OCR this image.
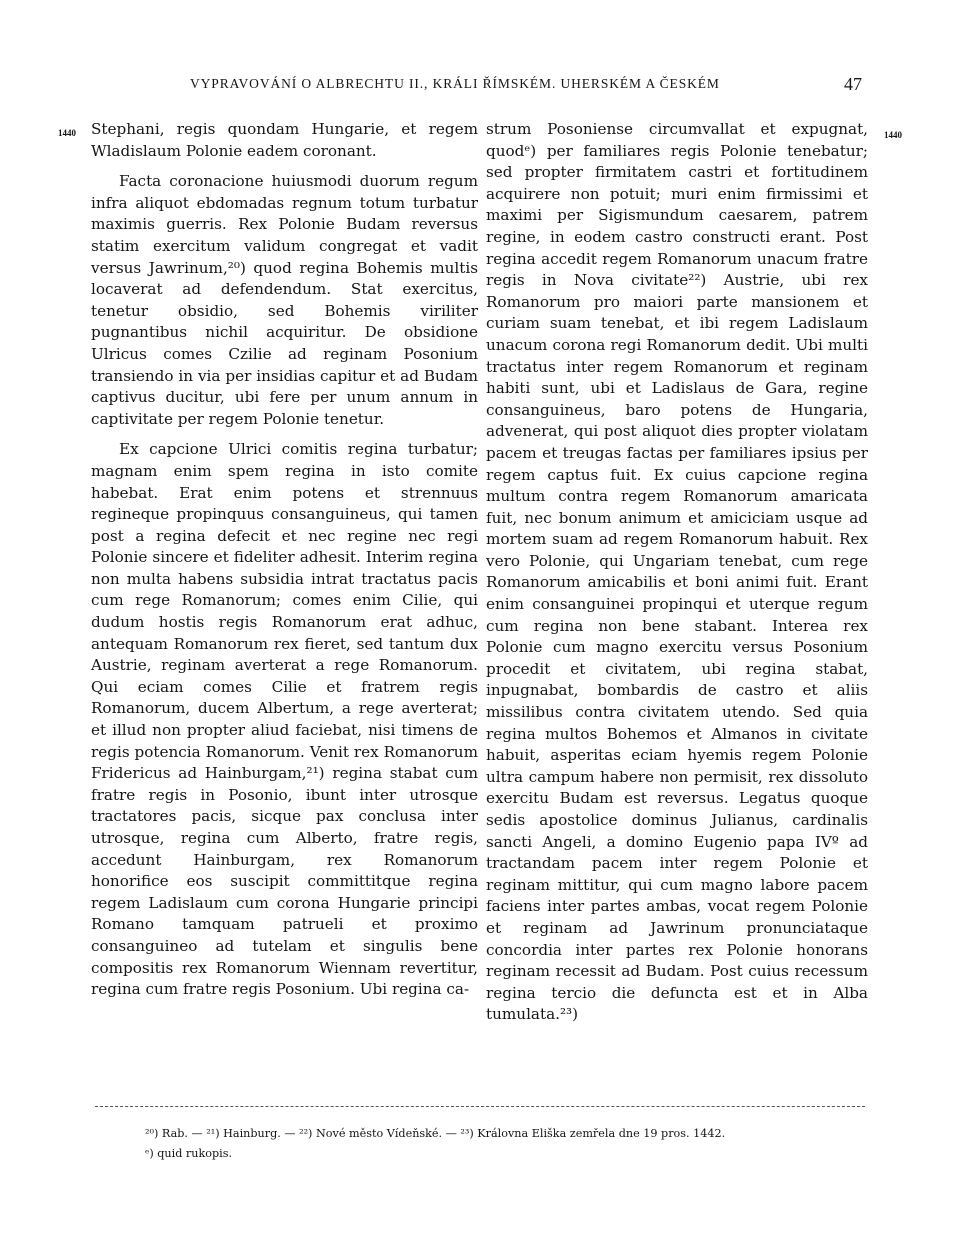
VYPRAVOVÁNÍ O ALBRECHTU II., KRÁLI ŘÍMSKÉM. UHERSKÉM A ČESKÉM	47
1440	1440

Stephani, regis quondam Hungarie, et regem Wladislaum Polonie eadem coronant.

Facta coronacione huiusmodi duorum regum infra aliquot ebdomadas regnum totum turbatur maximis guerris. Rex Polonie Budam reversus statim exercitum validum congregat et vadit versus Jawrinum,²⁰) quod regina Bohemis multis locaverat ad defendendum. Stat exercitus, tenetur obsidio, sed Bohemis viriliter pugnantibus nichil acquiritur. De obsidione Ulricus comes Czilie ad reginam Posonium transiendo in via per insidias capitur et ad Budam captivus ducitur, ubi fere per unum annum in captivitate per regem Polonie tenetur.

Ex capcione Ulrici comitis regina turbatur; magnam enim spem regina in isto comite habebat. Erat enim potens et strennuus regineque propinquus consanguineus, qui tamen post a regina defecit et nec regine nec regi Polonie sincere et fideliter adhesit. Interim regina non multa habens subsidia intrat tractatus pacis cum rege Romanorum; comes enim Cilie, qui dudum hostis regis Romanorum erat adhuc, antequam Romanorum rex fieret, sed tantum dux Austrie, reginam averterat a rege Romanorum. Qui eciam comes Cilie et fratrem regis Romanorum, ducem Albertum, a rege averterat; et illud non propter aliud faciebat, nisi timens de regis potencia Romanorum. Venit rex Romanorum Fridericus ad Hainburgam,²¹) regina stabat cum fratre regis in Posonio, ibunt inter utrosque tractatores pacis, sicque pax conclusa inter utrosque, regina cum Alberto, fratre regis, accedunt Hainburgam, rex Romanorum honorifice eos suscipit committitque regina regem Ladislaum cum corona Hungarie principi Romano tamquam patrueli et proximo consanguineo ad tutelam et singulis bene compositis rex Romanorum Wiennam revertitur, regina cum fratre regis Posonium. Ubi regina ca-

strum Posoniense circumvallat et expugnat, quodᵉ) per familiares regis Polonie tenebatur; sed propter firmitatem castri et fortitudinem acquirere non potuit; muri enim firmissimi et maximi per Sigismundum caesarem, patrem regine, in eodem castro constructi erant. Post regina accedit regem Romanorum unacum fratre regis in Nova civitate²²) Austrie, ubi rex Romanorum pro maiori parte mansionem et curiam suam tenebat, et ibi regem Ladislaum unacum corona regi Romanorum dedit. Ubi multi tractatus inter regem Romanorum et reginam habiti sunt, ubi et Ladislaus de Gara, regine consanguineus, baro potens de Hungaria, advenerat, qui post aliquot dies propter violatam pacem et treugas factas per familiares ipsius per regem captus fuit. Ex cuius capcione regina multum contra regem Romanorum amaricata fuit, nec bonum animum et amiciciam usque ad mortem suam ad regem Romanorum habuit. Rex vero Polonie, qui Ungariam tenebat, cum rege Romanorum amicabilis et boni animi fuit. Erant enim consanguinei propinqui et uterque regum cum regina non bene stabant. Interea rex Polonie cum magno exercitu versus Posonium procedit et civitatem, ubi regina stabat, inpugnabat, bombardis de castro et aliis missilibus contra civitatem utendo. Sed quia regina multos Bohemos et Almanos in civitate habuit, asperitas eciam hyemis regem Polonie ultra campum habere non permisit, rex dissoluto exercitu Budam est reversus. Legatus quoque sedis apostolice dominus Julianus, cardinalis sancti Angeli, a domino Eugenio papa IVº ad tractandam pacem inter regem Polonie et reginam mittitur, qui cum magno labore pacem faciens inter partes ambas, vocat regem Polonie et reginam ad Jawrinum pronunciataque concordia inter partes rex Polonie honorans reginam recessit ad Budam. Post cuius recessum regina tercio die defuncta est et in Alba tumulata.²³)

²⁰) Rab. — ²¹) Hainburg. — ²²) Nové město Vídeňské. — ²³) Královna Eliška zemřela dne 19 pros. 1442.
ᵉ) quid rukopis.
